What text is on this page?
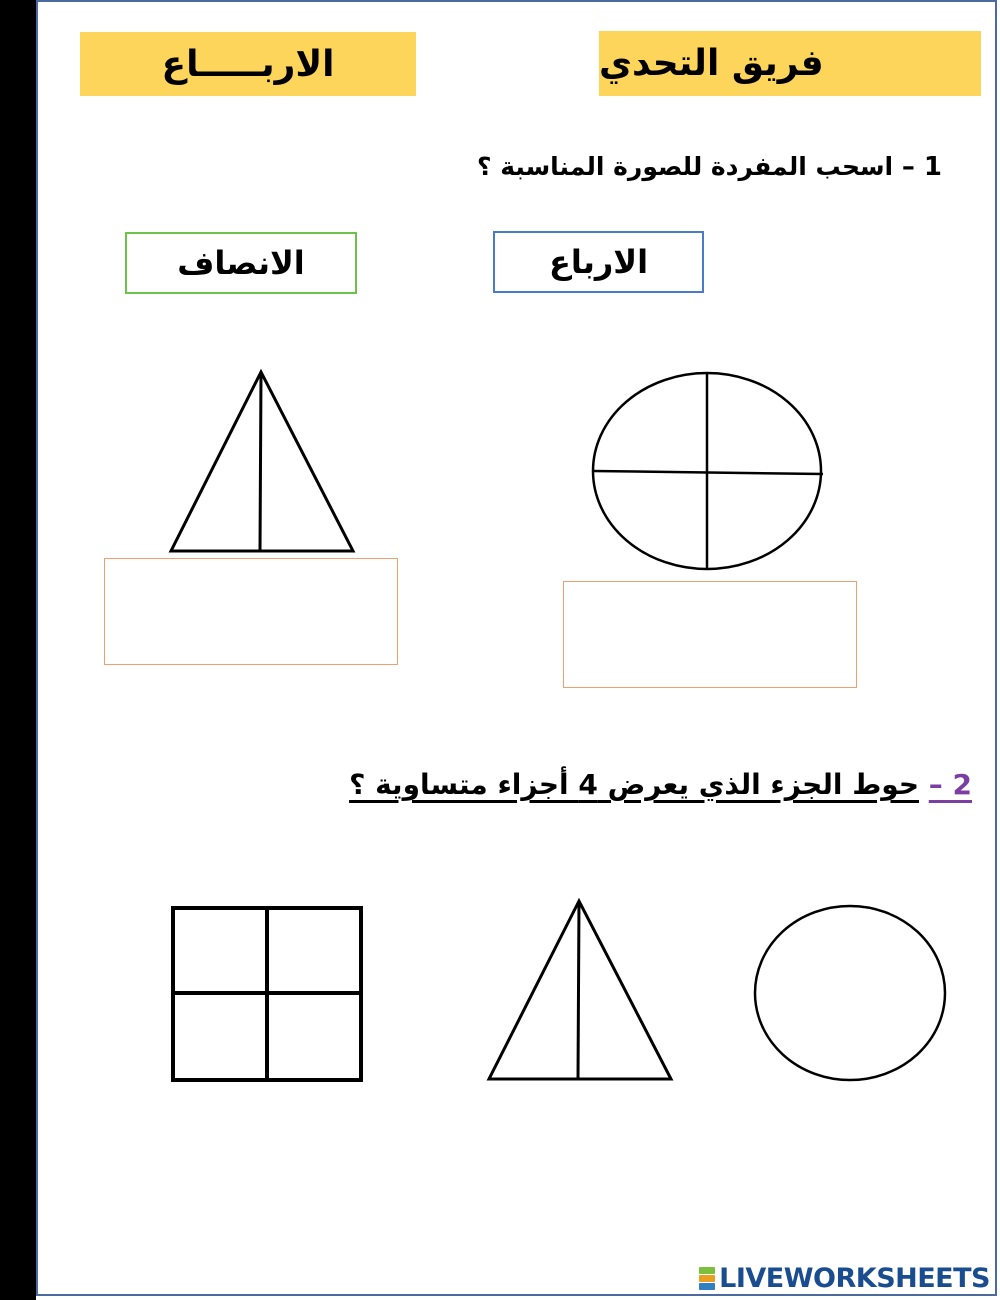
الاربـــــاع	فريق التحدي
1 – اسحب المفردة للصورة المناسبة ؟
الانصاف	الارباع
2 – حوط الجزء الذي يعرض 4 أجزاء متساوية ؟
LIVEWORKSHEETS
